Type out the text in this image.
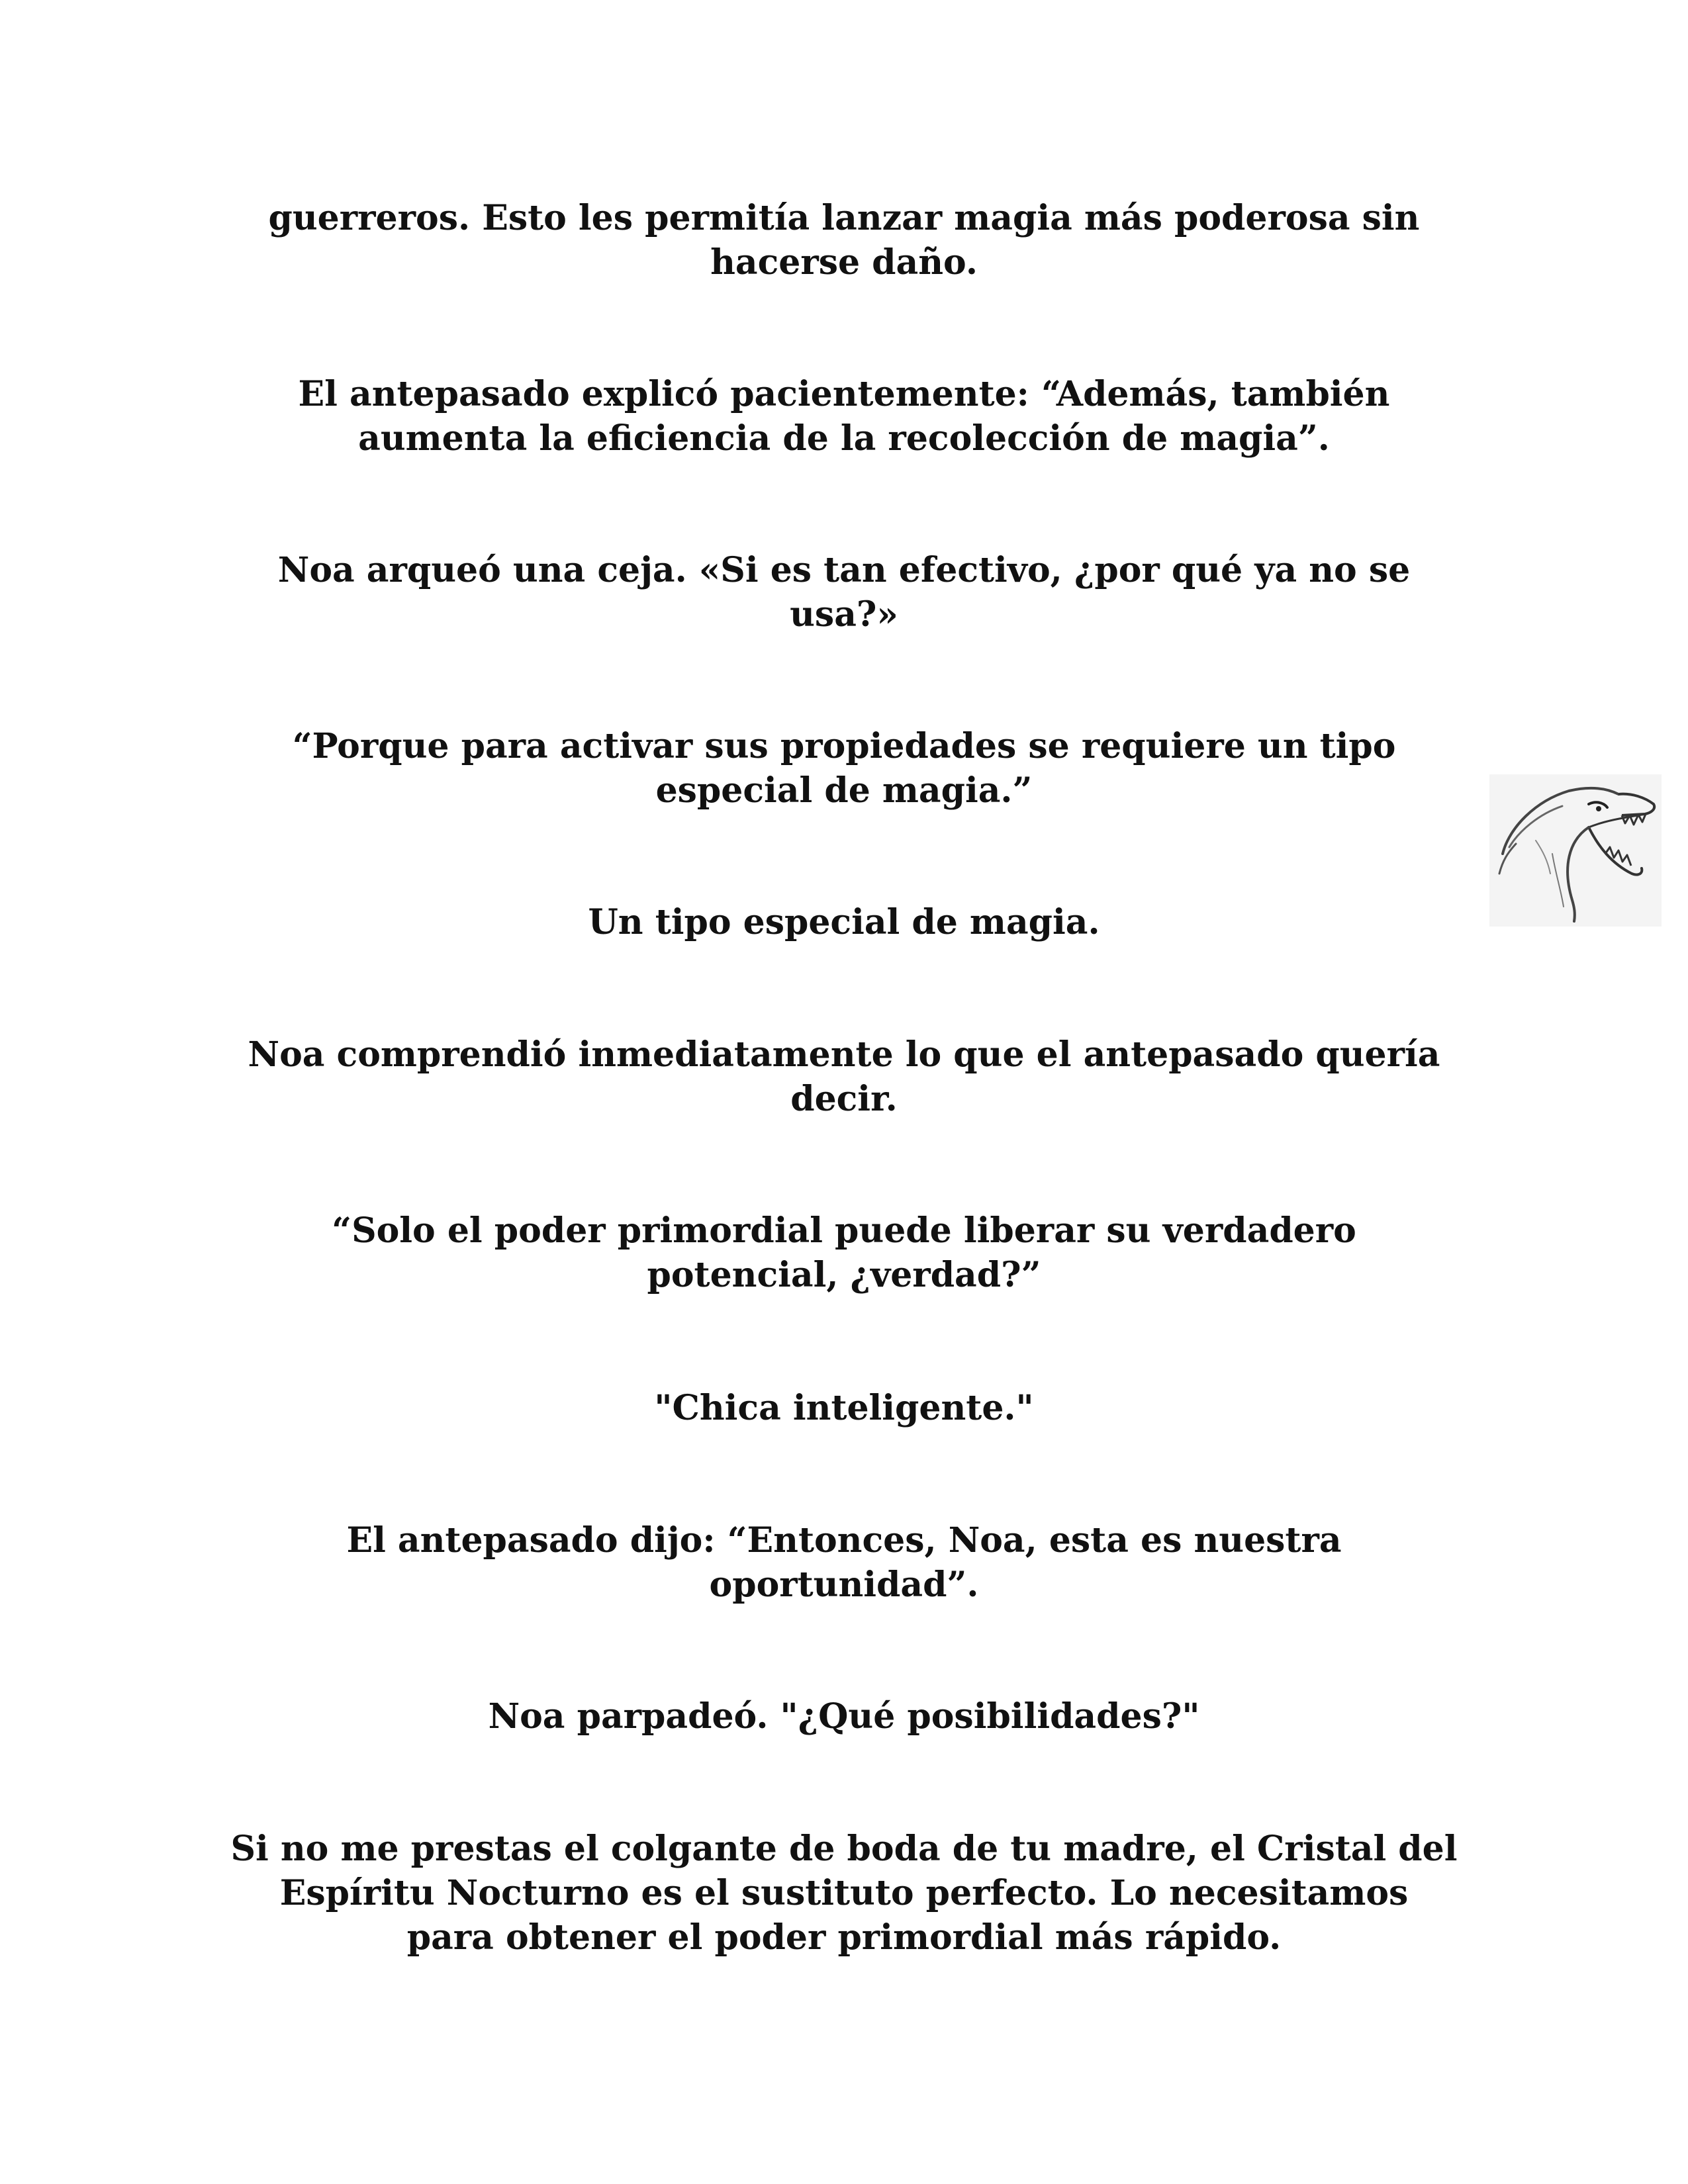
guerreros. Esto les permitía lanzar magia más poderosa sin
hacerse daño.

El antepasado explicó pacientemente: “Además, también
aumenta la eficiencia de la recolección de magia”.

Noa arqueó una ceja. «Si es tan efectivo, ¿por qué ya no se
usa?»

“Porque para activar sus propiedades se requiere un tipo
especial de magia.”

Un tipo especial de magia.

Noa comprendió inmediatamente lo que el antepasado quería
decir.

“Solo el poder primordial puede liberar su verdadero
potencial, ¿verdad?”

"Chica inteligente."

El antepasado dijo: “Entonces, Noa, esta es nuestra
oportunidad”.

Noa parpadeó. "¿Qué posibilidades?"

Si no me prestas el colgante de boda de tu madre, el Cristal del
Espíritu Nocturno es el sustituto perfecto. Lo necesitamos
para obtener el poder primordial más rápido.
